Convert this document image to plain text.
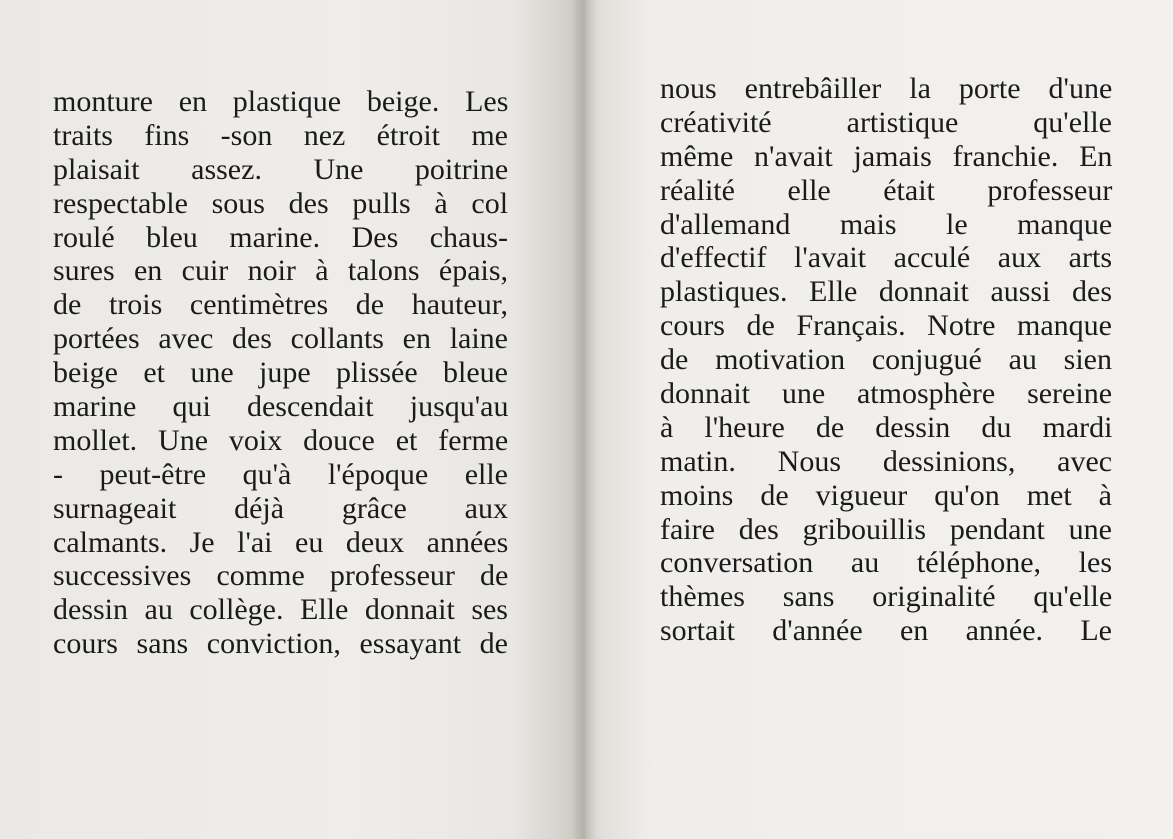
monture en plastique beige. Les
traits fins -son nez étroit me
plaisait assez. Une poitrine
respectable sous des pulls à col
roulé bleu marine. Des chaus-
sures en cuir noir à talons épais,
de trois centimètres de hauteur,
portées avec des collants en laine
beige et une jupe plissée bleue
marine qui descendait jusqu'au
mollet. Une voix douce et ferme
- peut-être qu'à l'époque elle
surnageait déjà grâce aux
calmants. Je l'ai eu deux années
successives comme professeur de
dessin au collège. Elle donnait ses
cours sans conviction, essayant de
nous entrebâiller la porte d'une
créativité artistique qu'elle
même n'avait jamais franchie. En
réalité elle était professeur
d'allemand mais le manque
d'effectif l'avait acculé aux arts
plastiques. Elle donnait aussi des
cours de Français. Notre manque
de motivation conjugué au sien
donnait une atmosphère sereine
à l'heure de dessin du mardi
matin. Nous dessinions, avec
moins de vigueur qu'on met à
faire des gribouillis pendant une
conversation au téléphone, les
thèmes sans originalité qu'elle
sortait d'année en année. Le
